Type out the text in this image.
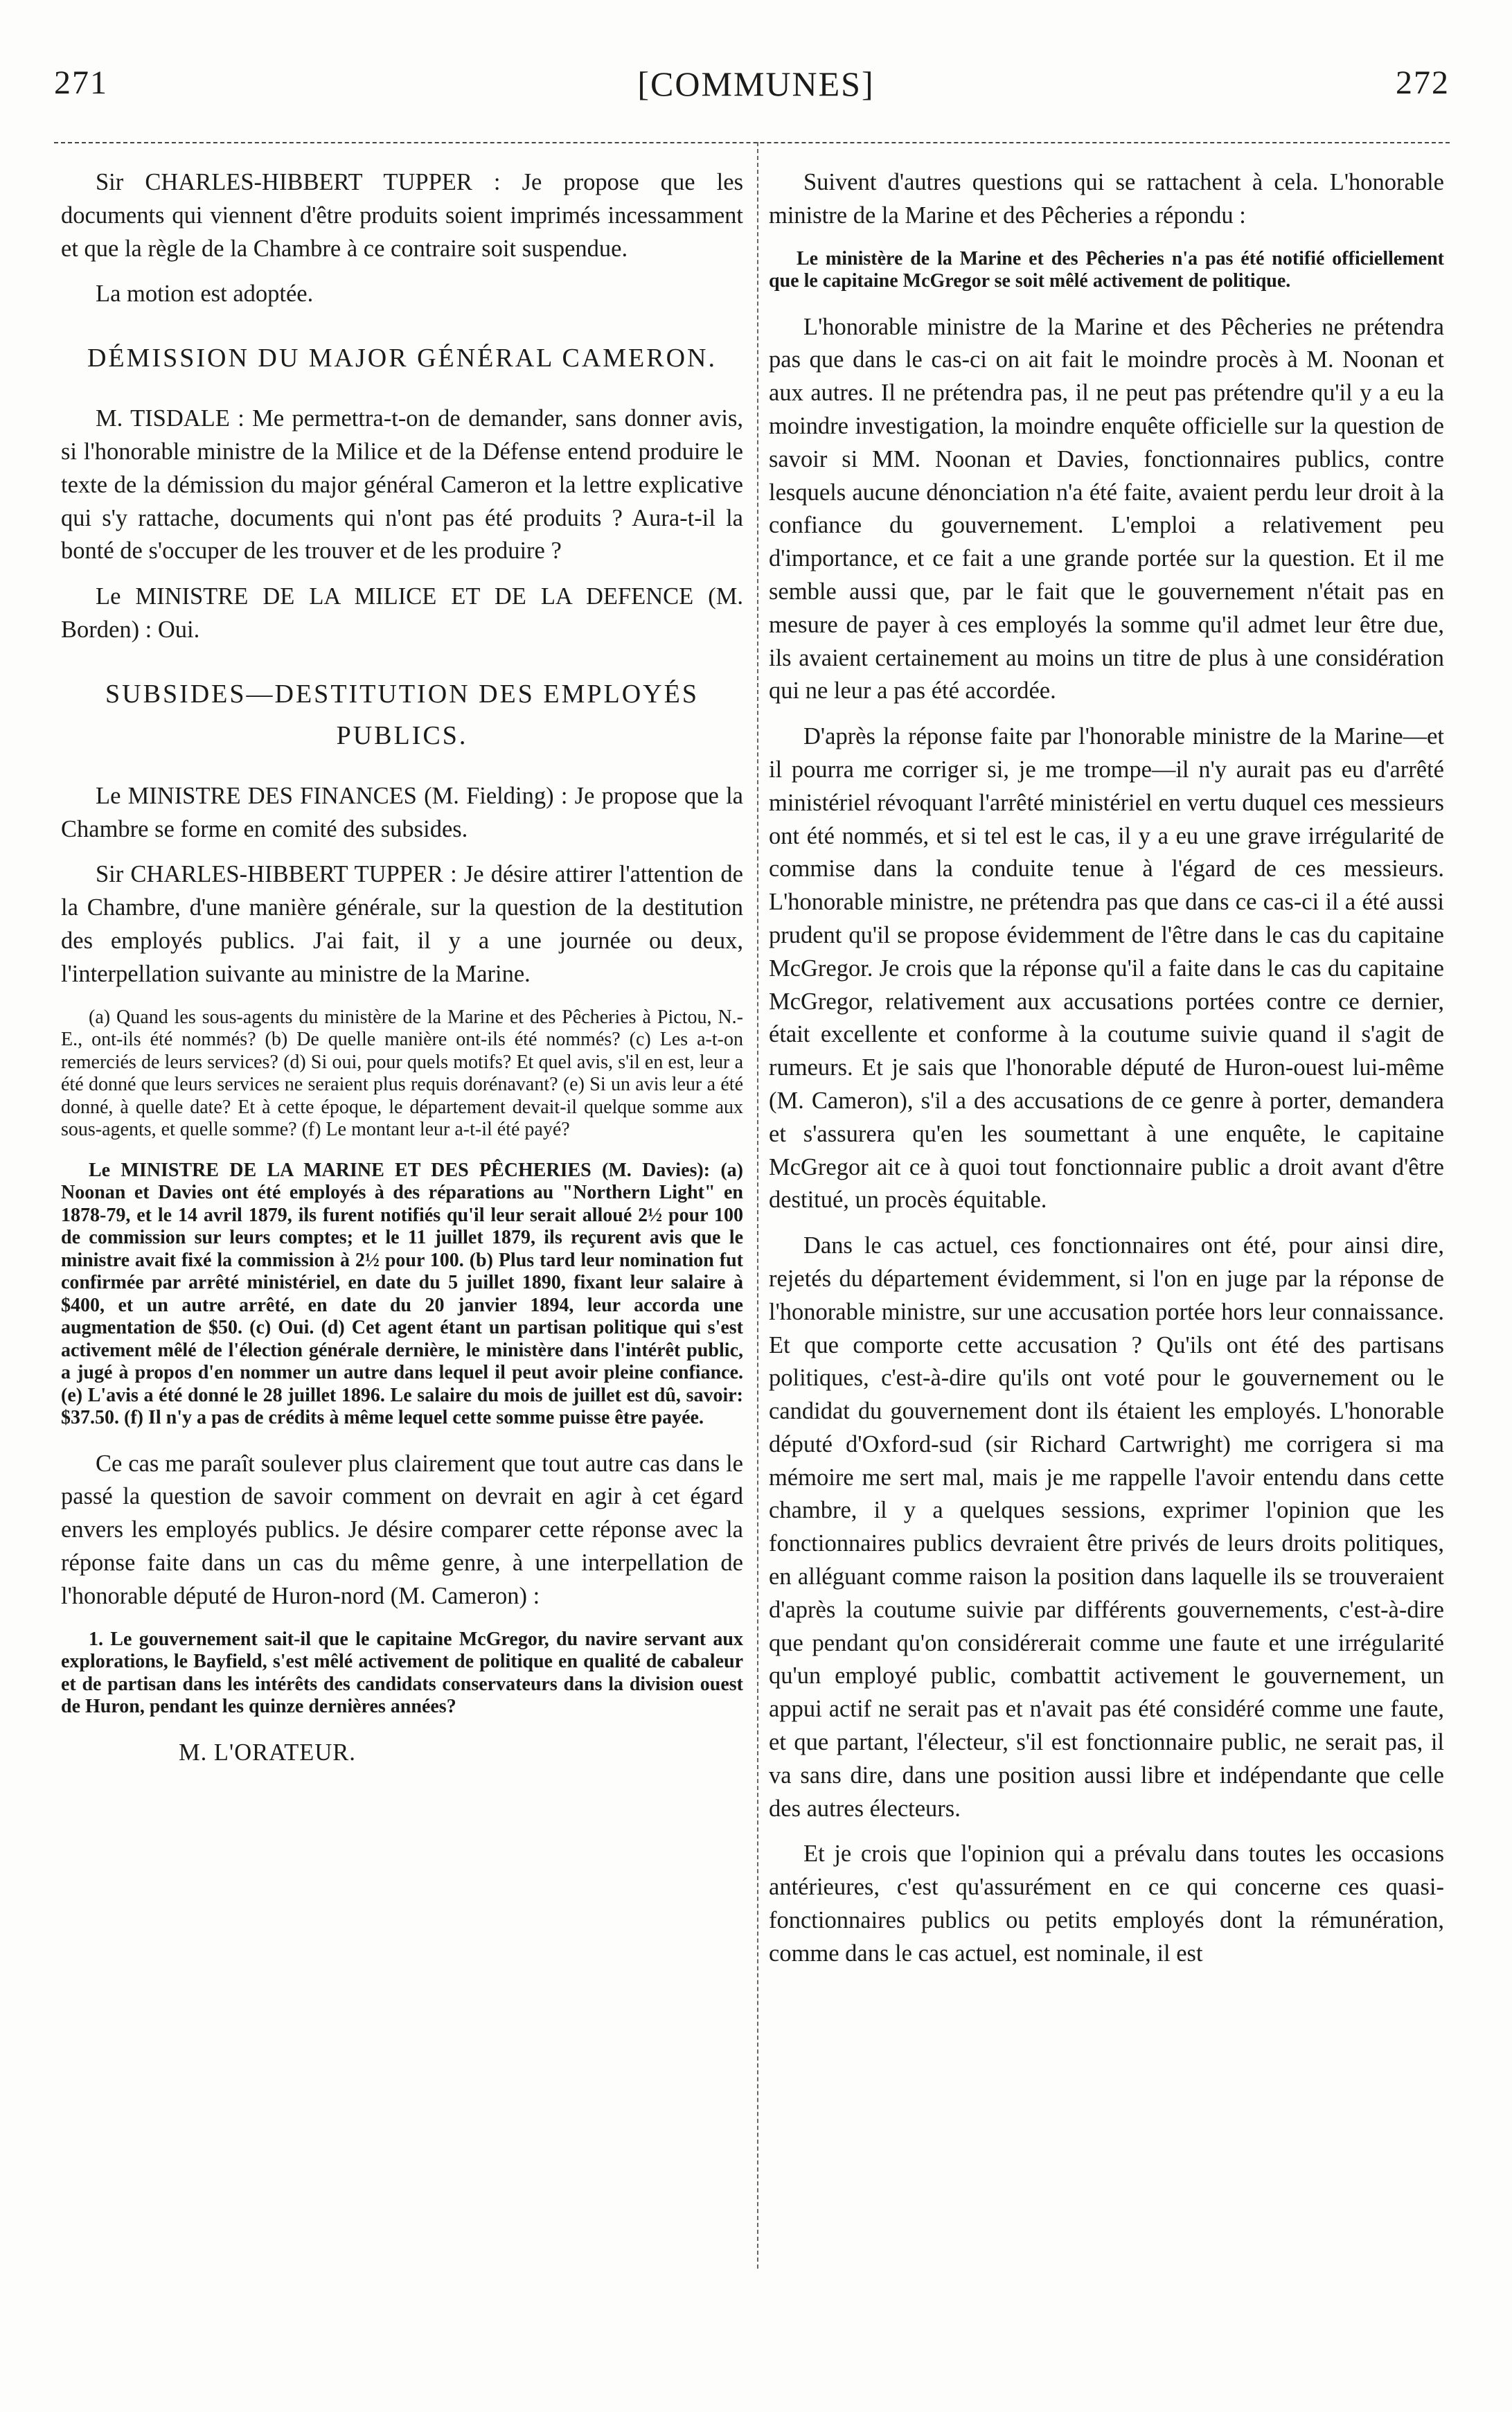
271	[COMMUNES]	272

Sir CHARLES-HIBBERT TUPPER : Je propose que les documents qui viennent d'être produits soient imprimés incessamment et que la règle de la Chambre à ce contraire soit suspendue.

La motion est adoptée.

DÉMISSION DU MAJOR GÉNÉRAL CAMERON.

M. TISDALE : Me permettra-t-on de demander, sans donner avis, si l'honorable ministre de la Milice et de la Défense entend produire le texte de la démission du major général Cameron et la lettre explicative qui s'y rattache, documents qui n'ont pas été produits ? Aura-t-il la bonté de s'occuper de les trouver et de les produire ?

Le MINISTRE DE LA MILICE ET DE LA DEFENCE (M. Borden) : Oui.

SUBSIDES—DESTITUTION DES EMPLOYÉS PUBLICS.

Le MINISTRE DES FINANCES (M. Fielding) : Je propose que la Chambre se forme en comité des subsides.

Sir CHARLES-HIBBERT TUPPER : Je désire attirer l'attention de la Chambre, d'une manière générale, sur la question de la destitution des employés publics. J'ai fait, il y a une journée ou deux, l'interpellation suivante au ministre de la Marine.

(a) Quand les sous-agents du ministère de la Marine et des Pêcheries à Pictou, N.-E., ont-ils été nommés? (b) De quelle manière ont-ils été nommés? (c) Les a-t-on remerciés de leurs services? (d) Si oui, pour quels motifs? Et quel avis, s'il en est, leur a été donné que leurs services ne seraient plus requis dorénavant? (e) Si un avis leur a été donné, à quelle date? Et à cette époque, le département devait-il quelque somme aux sous-agents, et quelle somme? (f) Le montant leur a-t-il été payé?
Le MINISTRE DE LA MARINE ET DES PÊCHERIES (M. Davies): (a) Noonan et Davies ont été employés à des réparations au "Northern Light" en 1878-79, et le 14 avril 1879, ils furent notifiés qu'il leur serait alloué 2½ pour 100 de commission sur leurs comptes; et le 11 juillet 1879, ils reçurent avis que le ministre avait fixé la commission à 2½ pour 100. (b) Plus tard leur nomination fut confirmée par arrêté ministériel, en date du 5 juillet 1890, fixant leur salaire à $400, et un autre arrêté, en date du 20 janvier 1894, leur accorda une augmentation de $50. (c) Oui. (d) Cet agent étant un partisan politique qui s'est activement mêlé de l'élection générale dernière, le ministère dans l'intérêt public, a jugé à propos d'en nommer un autre dans lequel il peut avoir pleine confiance. (e) L'avis a été donné le 28 juillet 1896. Le salaire du mois de juillet est dû, savoir: $37.50. (f) Il n'y a pas de crédits à même lequel cette somme puisse être payée.

Ce cas me paraît soulever plus clairement que tout autre cas dans le passé la question de savoir comment on devrait en agir à cet égard envers les employés publics. Je désire comparer cette réponse avec la réponse faite dans un cas du même genre, à une interpellation de l'honorable député de Huron-nord (M. Cameron) :

1. Le gouvernement sait-il que le capitaine McGregor, du navire servant aux explorations, le Bayfield, s'est mêlé activement de politique en qualité de cabaleur et de partisan dans les intérêts des candidats conservateurs dans la division ouest de Huron, pendant les quinze dernières années?

M. L'ORATEUR.

Suivent d'autres questions qui se rattachent à cela. L'honorable ministre de la Marine et des Pêcheries a répondu :

Le ministère de la Marine et des Pêcheries n'a pas été notifié officiellement que le capitaine McGregor se soit mêlé activement de politique.

L'honorable ministre de la Marine et des Pêcheries ne prétendra pas que dans le cas-ci on ait fait le moindre procès à M. Noonan et aux autres. Il ne prétendra pas, il ne peut pas prétendre qu'il y a eu la moindre investigation, la moindre enquête officielle sur la question de savoir si MM. Noonan et Davies, fonctionnaires publics, contre lesquels aucune dénonciation n'a été faite, avaient perdu leur droit à la confiance du gouvernement. L'emploi a relativement peu d'importance, et ce fait a une grande portée sur la question. Et il me semble aussi que, par le fait que le gouvernement n'était pas en mesure de payer à ces employés la somme qu'il admet leur être due, ils avaient certainement au moins un titre de plus à une considération qui ne leur a pas été accordée.

D'après la réponse faite par l'honorable ministre de la Marine—et il pourra me corriger si, je me trompe—il n'y aurait pas eu d'arrêté ministériel révoquant l'arrêté ministériel en vertu duquel ces messieurs ont été nommés, et si tel est le cas, il y a eu une grave irrégularité de commise dans la conduite tenue à l'égard de ces messieurs. L'honorable ministre, ne prétendra pas que dans ce cas-ci il a été aussi prudent qu'il se propose évidemment de l'être dans le cas du capitaine McGregor. Je crois que la réponse qu'il a faite dans le cas du capitaine McGregor, relativement aux accusations portées contre ce dernier, était excellente et conforme à la coutume suivie quand il s'agit de rumeurs. Et je sais que l'honorable député de Huron-ouest lui-même (M. Cameron), s'il a des accusations de ce genre à porter, demandera et s'assurera qu'en les soumettant à une enquête, le capitaine McGregor ait ce à quoi tout fonctionnaire public a droit avant d'être destitué, un procès équitable.

Dans le cas actuel, ces fonctionnaires ont été, pour ainsi dire, rejetés du département évidemment, si l'on en juge par la réponse de l'honorable ministre, sur une accusation portée hors leur connaissance. Et que comporte cette accusation ? Qu'ils ont été des partisans politiques, c'est-à-dire qu'ils ont voté pour le gouvernement ou le candidat du gouvernement dont ils étaient les employés. L'honorable député d'Oxford-sud (sir Richard Cartwright) me corrigera si ma mémoire me sert mal, mais je me rappelle l'avoir entendu dans cette chambre, il y a quelques sessions, exprimer l'opinion que les fonctionnaires publics devraient être privés de leurs droits politiques, en alléguant comme raison la position dans laquelle ils se trouveraient d'après la coutume suivie par différents gouvernements, c'est-à-dire que pendant qu'on considérerait comme une faute et une irrégularité qu'un employé public, combattit activement le gouvernement, un appui actif ne serait pas et n'avait pas été considéré comme une faute, et que partant, l'électeur, s'il est fonctionnaire public, ne serait pas, il va sans dire, dans une position aussi libre et indépendante que celle des autres électeurs.

Et je crois que l'opinion qui a prévalu dans toutes les occasions antérieures, c'est qu'assurément en ce qui concerne ces quasi-fonctionnaires publics ou petits employés dont la rémunération, comme dans le cas actuel, est nominale, il est
